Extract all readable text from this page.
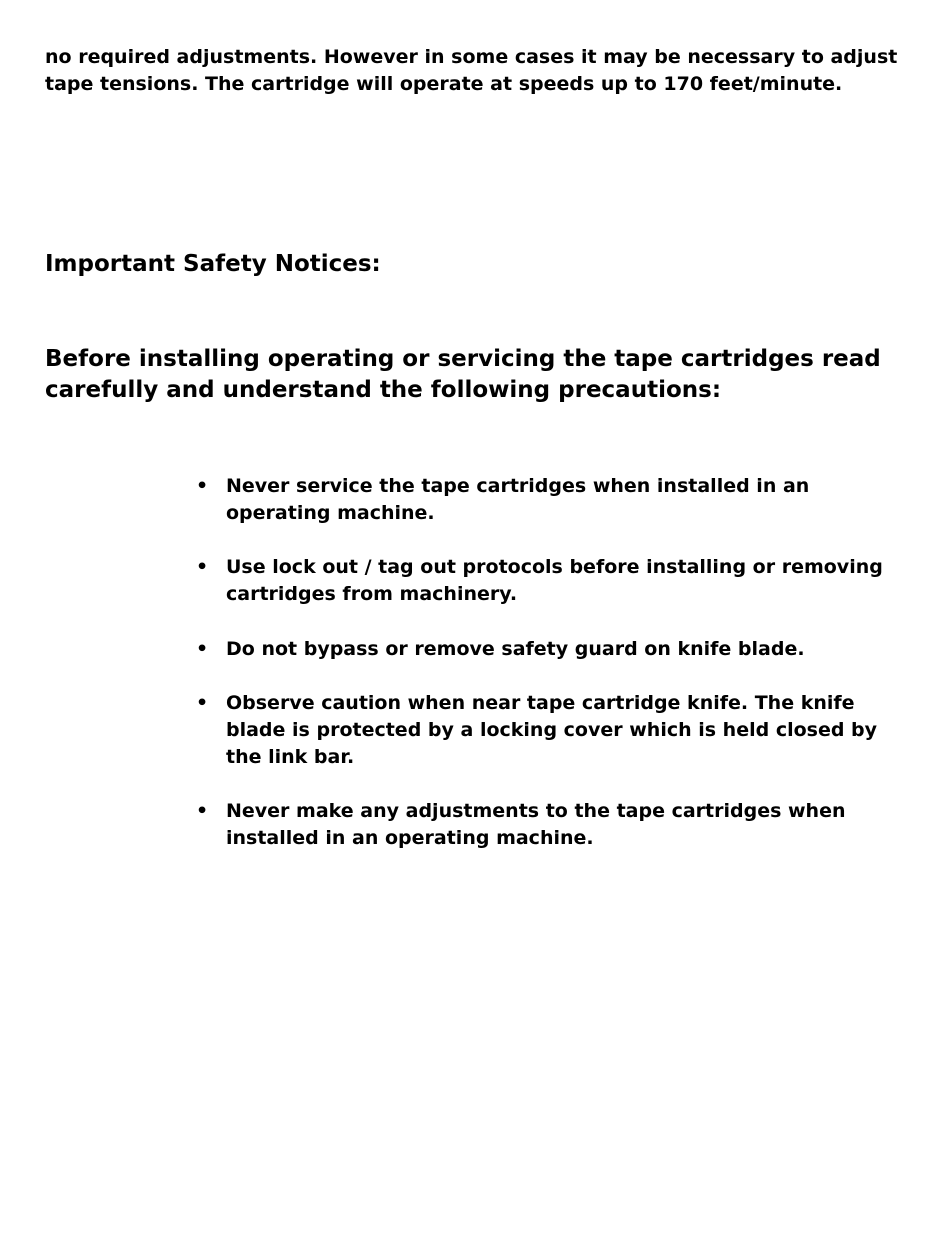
no required adjustments. However in some cases it may be necessary to adjust
tape tensions. The cartridge will operate at speeds up to 170 feet/minute.

Important Safety Notices:

Before installing operating or servicing the tape cartridges read
carefully and understand the following precautions:

• Never service the tape cartridges when installed in an
operating machine.
• Use lock out / tag out protocols before installing or removing
cartridges from machinery.
• Do not bypass or remove safety guard on knife blade.
• Observe caution when near tape cartridge knife. The knife
blade is protected by a locking cover which is held closed by
the link bar.
• Never make any adjustments to the tape cartridges when
installed in an operating machine.
